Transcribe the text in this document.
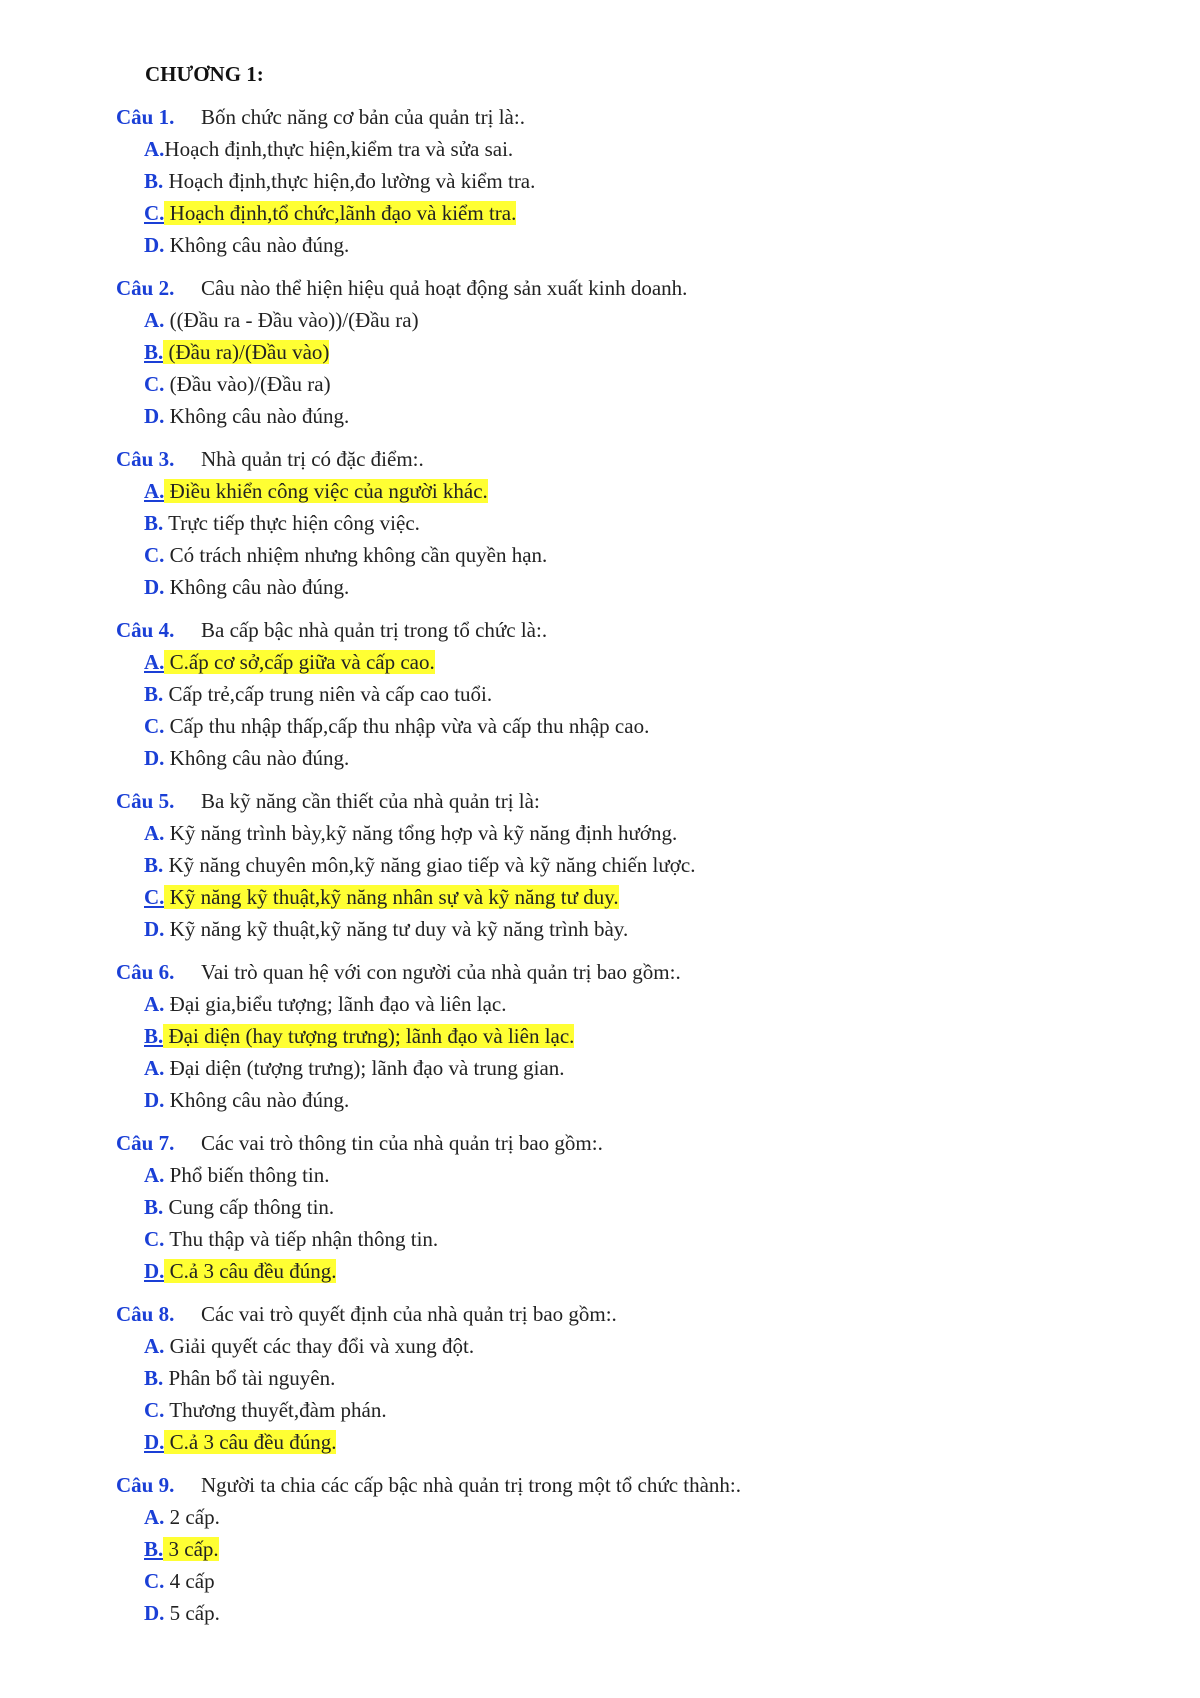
CHƯƠNG 1:
Câu 1. Bốn chức năng cơ bản của quản trị là:.
A.Hoạch định,thực hiện,kiểm tra và sửa sai.
B. Hoạch định,thực hiện,đo lường và kiểm tra.
C. Hoạch định,tổ chức,lãnh đạo và kiểm tra.
D. Không câu nào đúng.
Câu 2. Câu nào thể hiện hiệu quả hoạt động sản xuất kinh doanh.
A. ((Đầu ra - Đầu vào))/(Đầu ra)
B. (Đầu ra)/(Đầu vào)
C. (Đầu vào)/(Đầu ra)
D. Không câu nào đúng.
Câu 3. Nhà quản trị có đặc điểm:.
A. Điều khiển công việc của người khác.
B. Trực tiếp thực hiện công việc.
C. Có trách nhiệm nhưng không cần quyền hạn.
D. Không câu nào đúng.
Câu 4. Ba cấp bậc nhà quản trị trong tổ chức là:.
A. C.ấp cơ sở,cấp giữa và cấp cao.
B. Cấp trẻ,cấp trung niên và cấp cao tuổi.
C. Cấp thu nhập thấp,cấp thu nhập vừa và cấp thu nhập cao.
D. Không câu nào đúng.
Câu 5. Ba kỹ năng cần thiết của nhà quản trị là:
A. Kỹ năng trình bày,kỹ năng tổng hợp và kỹ năng định hướng.
B. Kỹ năng chuyên môn,kỹ năng giao tiếp và kỹ năng chiến lược.
C. Kỹ năng kỹ thuật,kỹ năng nhân sự và kỹ năng tư duy.
D. Kỹ năng kỹ thuật,kỹ năng tư duy và kỹ năng trình bày.
Câu 6. Vai trò quan hệ với con người của nhà quản trị bao gồm:.
A. Đại gia,biểu tượng; lãnh đạo và liên lạc.
B. Đại diện (hay tượng trưng); lãnh đạo và liên lạc.
A. Đại diện (tượng trưng); lãnh đạo và trung gian.
D. Không câu nào đúng.
Câu 7. Các vai trò thông tin của nhà quản trị bao gồm:.
A. Phổ biến thông tin.
B. Cung cấp thông tin.
C. Thu thập và tiếp nhận thông tin.
D. C.ả 3 câu đều đúng.
Câu 8. Các vai trò quyết định của nhà quản trị bao gồm:.
A. Giải quyết các thay đổi và xung đột.
B. Phân bổ tài nguyên.
C. Thương thuyết,đàm phán.
D. C.ả 3 câu đều đúng.
Câu 9. Người ta chia các cấp bậc nhà quản trị trong một tổ chức thành:.
A. 2 cấp.
B. 3 cấp.
C. 4 cấp
D. 5 cấp.
